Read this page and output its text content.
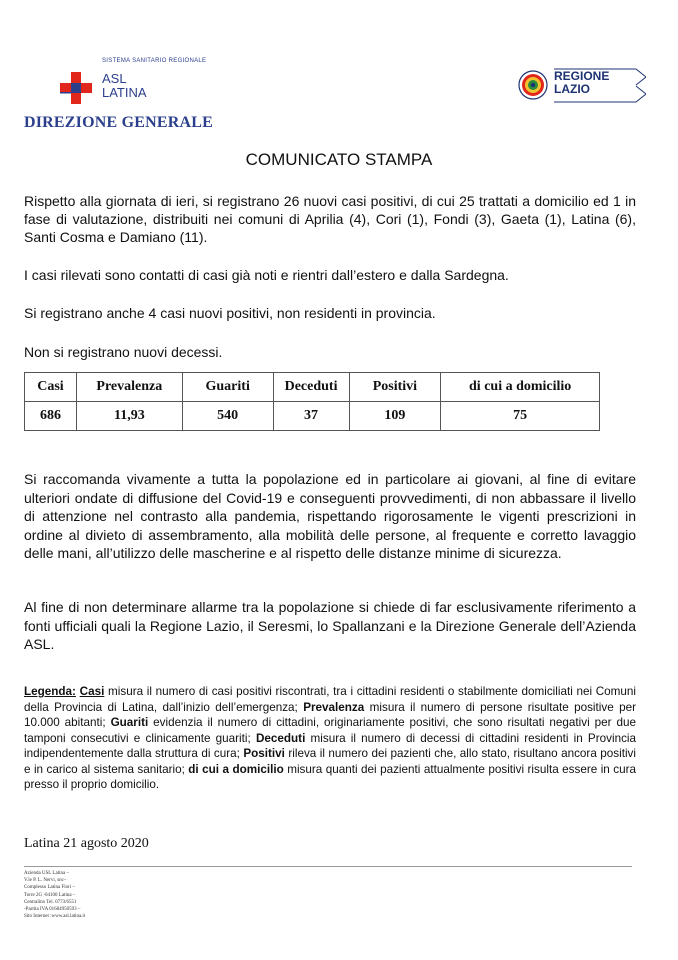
SISTEMA SANITARIO REGIONALE
ASL
LATINA
REGIONE
LAZIO
DIREZIONE GENERALE
COMUNICATO STAMPA
Rispetto alla giornata di ieri, si registrano 26 nuovi casi positivi, di cui 25 trattati a domicilio ed 1 in fase di valutazione, distribuiti nei comuni di Aprilia (4), Cori (1), Fondi (3), Gaeta (1), Latina (6), Santi Cosma e Damiano (11).
I casi rilevati sono contatti di casi già noti e rientri dall’estero e dalla Sardegna.
Si registrano anche 4 casi nuovi positivi, non residenti in provincia.
Non si registrano nuovi decessi.
Casi	Prevalenza	Guariti	Deceduti	Positivi	di cui a domicilio
686	11,93	540	37	109	75
Si raccomanda vivamente a tutta la popolazione ed in particolare ai giovani, al fine di evitare ulteriori ondate di diffusione del Covid-19 e conseguenti provvedimenti, di non abbassare il livello di attenzione nel contrasto alla pandemia, rispettando rigorosamente le vigenti prescrizioni in ordine al divieto di assembramento, alla mobilità delle persone, al frequente e corretto lavaggio delle mani, all’utilizzo delle mascherine e al rispetto delle distanze minime di sicurezza.
Al fine di non determinare allarme tra la popolazione si chiede di far esclusivamente riferimento a fonti ufficiali quali la Regione Lazio, il Seresmi, lo Spallanzani e la Direzione Generale dell’Azienda ASL.
Legenda: Casi misura il numero di casi positivi riscontrati, tra i cittadini residenti o stabilmente domiciliati nei Comuni della Provincia di Latina, dall’inizio dell’emergenza; Prevalenza misura il numero di persone risultate positive per 10.000 abitanti; Guariti evidenzia il numero di cittadini, originariamente positivi, che sono risultati negativi per due tamponi consecutivi e clinicamente guariti; Deceduti misura il numero di decessi di cittadini residenti in Provincia indipendentemente dalla struttura di cura; Positivi rileva il numero dei pazienti che, allo stato, risultano ancora positivi e in carico al sistema sanitario; di cui a domicilio misura quanti dei pazienti attualmente positivi risulta essere in cura presso il proprio domicilio.
Latina 21 agosto 2020
Azienda USL Latina –
V.le P. L. Nervi, snc–
Complesso Latina Fiori –
Torre 2G -04100 Latina –
Centralino Tel. 0773/6551
-Partita IVA 01684950593 –
Sito Internet :www.asl.latina.it
